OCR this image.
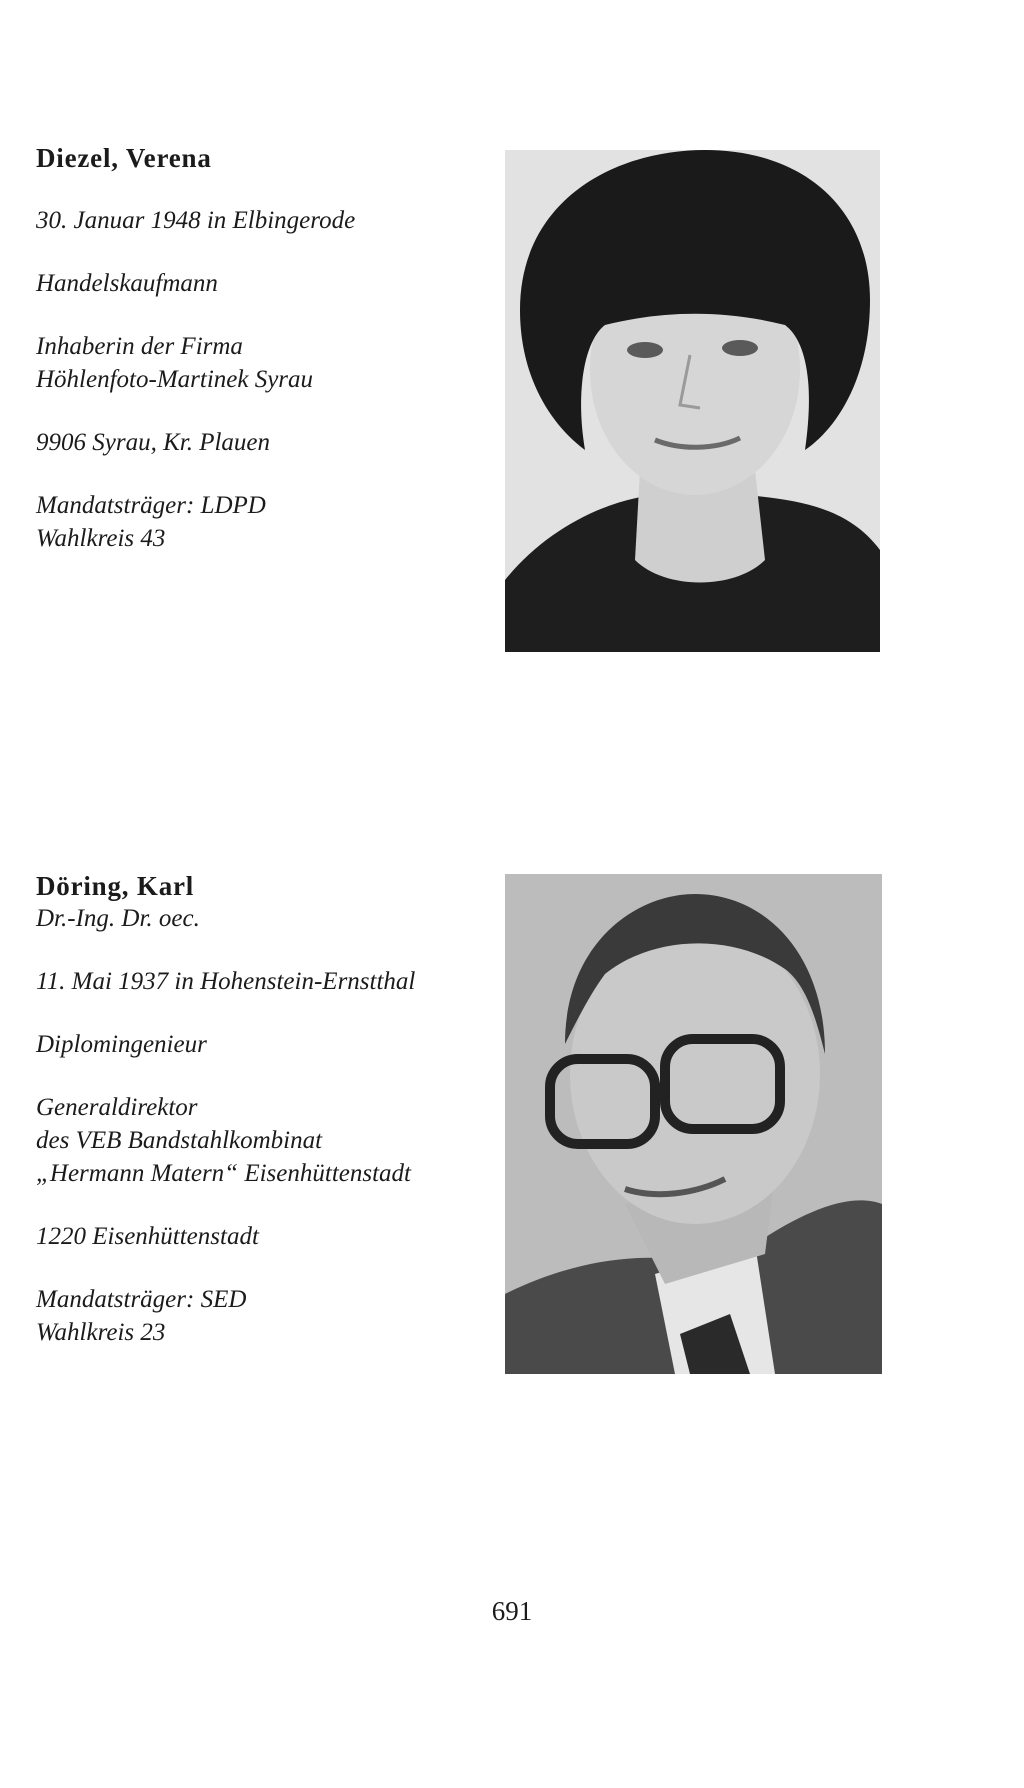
Diezel, Verena

30. Januar 1948 in Elbingerode

Handelskaufmann

Inhaberin der Firma

Höhlenfoto-Martinek Syrau

9906 Syrau, Kr. Plauen

Mandatsträger: LDPD

Wahlkreis 43

Döring, Karl

Dr.-Ing. Dr. oec.

11. Mai 1937 in Hohenstein-Ernstthal

Diplomingenieur

Generaldirektor

des VEB Bandstahlkombinat

„Hermann Matern“ Eisenhüttenstadt

1220 Eisenhüttenstadt

Mandatsträger: SED

Wahlkreis 23

691
